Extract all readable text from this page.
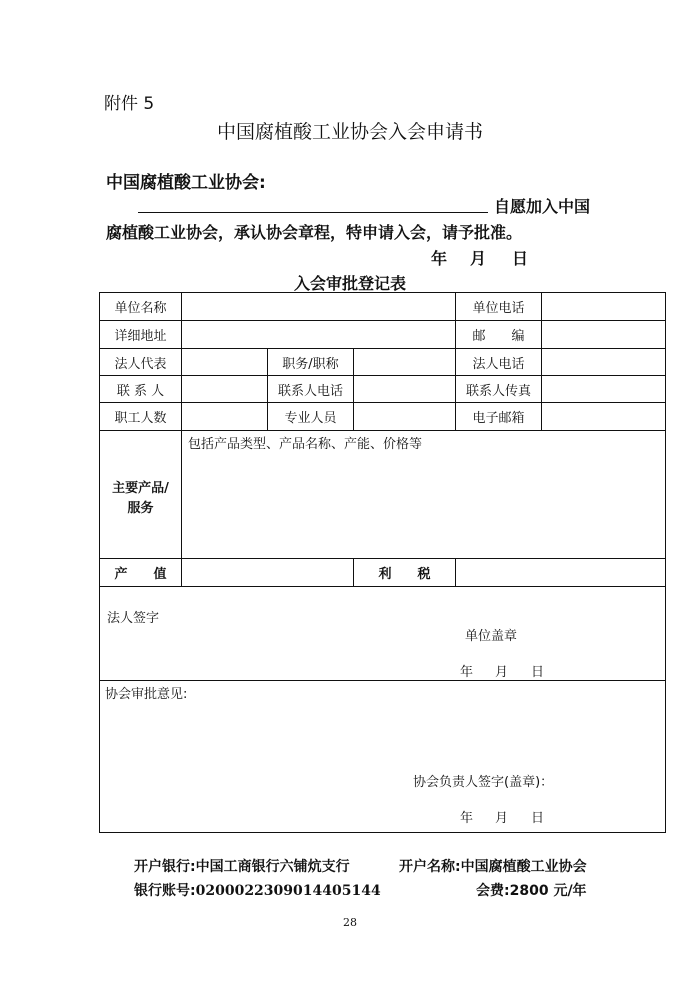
附件 5
中国腐植酸工业协会入会申请书
中国腐植酸工业协会:
自愿加入中国
腐植酸工业协会，承认协会章程，特申请入会，请予批准。
年 月 日
入会审批登记表
单位名称	单位电话
详细地址	邮　　编
法人代表	职务/职称	法人电话
联 系 人	联系人电话	联系人传真
职工人数	专业人员	电子邮箱
主要产品/
服务
包括产品类型、产品名称、产能、价格等
产　　值	利　　税
法人签字
单位盖章
年 月 日
协会审批意见:
协会负责人签字(盖章)：
年 月 日
开户银行:中国工商银行六铺炕支行	开户名称:中国腐植酸工业协会
银行账号:0200022309014405144	会费:2800 元/年
28
